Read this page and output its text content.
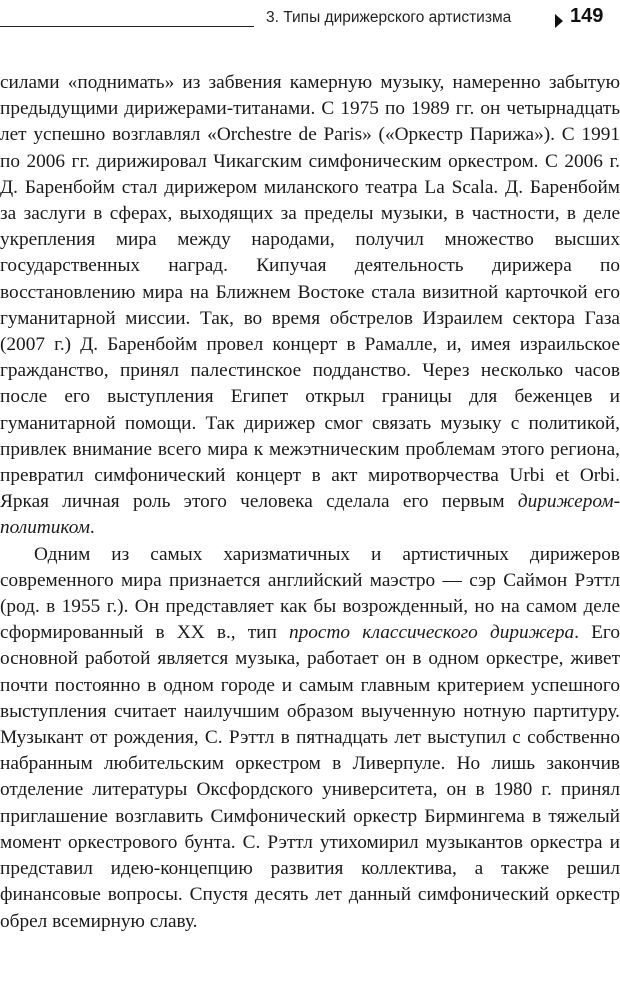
3. Типы дирижерского артистизма	149

силами «поднимать» из забвения камерную музыку, намеренно забытую предыдущими дирижерами-титанами. С 1975 по 1989 гг. он четырнадцать лет успешно возглавлял «Orchestre de Paris» («Оркестр Парижа»). С 1991 по 2006 гг. дирижировал Чикагским симфоническим оркестром. С 2006 г. Д. Баренбойм стал дирижером миланского театра La Scala. Д. Баренбойм за заслуги в сферах, выходящих за пределы музыки, в частности, в деле укрепления мира между народами, получил множество высших государственных наград. Кипучая деятельность дирижера по восстановлению мира на Ближнем Востоке стала визитной карточкой его гуманитарной миссии. Так, во время обстрелов Израилем сектора Газа (2007 г.) Д. Баренбойм провел концерт в Рамалле, и, имея израильское гражданство, принял палестинское подданство. Через несколько часов после его выступления Египет открыл границы для беженцев и гуманитарной помощи. Так дирижер смог связать музыку с политикой, привлек внимание всего мира к межэтническим проблемам этого региона, превратил симфонический концерт в акт миротворчества Urbi et Orbi. Яркая личная роль этого человека сделала его первым дирижером-политиком.

Одним из самых харизматичных и артистичных дирижеров современного мира признается английский маэстро — сэр Саймон Рэттл (род. в 1955 г.). Он представляет как бы возрожденный, но на самом деле сформированный в XX в., тип просто классического дирижера. Его основной работой является музыка, работает он в одном оркестре, живет почти постоянно в одном городе и самым главным критерием успешного выступления считает наилучшим образом выученную нотную партитуру. Музыкант от рождения, С. Рэттл в пятнадцать лет выступил с собственно набранным любительским оркестром в Ливерпуле. Но лишь закончив отделение литературы Оксфордского университета, он в 1980 г. принял приглашение возглавить Симфонический оркестр Бирмингема в тяжелый момент оркестрового бунта. С. Рэттл утихомирил музыкантов оркестра и представил идею-концепцию развития коллектива, а также решил финансовые вопросы. Спустя десять лет данный симфонический оркестр обрел всемирную славу.
